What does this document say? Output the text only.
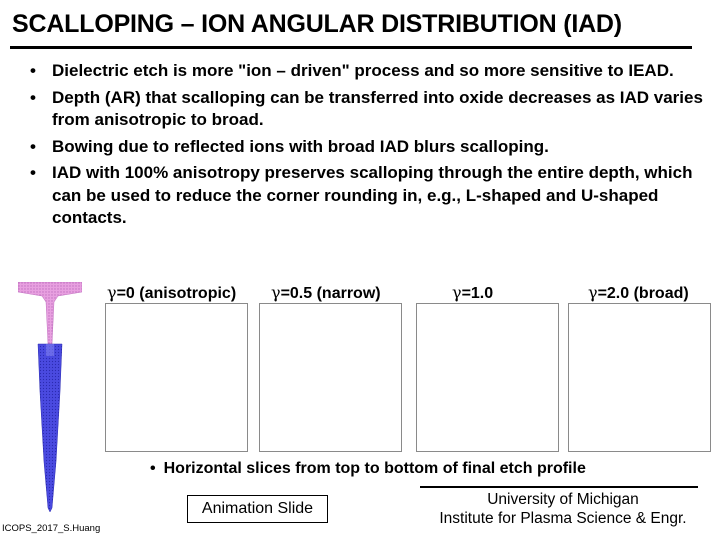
SCALLOPING – ION ANGULAR DISTRIBUTION (IAD)
• Dielectric etch is more "ion – driven" process and so more sensitive to IEAD.
• Depth (AR) that scalloping can be transferred into oxide decreases as IAD varies from anisotropic to broad.
• Bowing due to reflected ions with broad IAD blurs scalloping.
• IAD with 100% anisotropy preserves scalloping through the entire depth, which can be used to reduce the corner rounding in, e.g., L-shaped and U-shaped contacts.
γ=0 (anisotropic) γ=0.5 (narrow)	γ=1.0	γ=2.0 (broad)
• Horizontal slices from top to bottom of final etch profile
Animation Slide
University of Michigan
Institute for Plasma Science & Engr.
ICOPS_2017_S.Huang
